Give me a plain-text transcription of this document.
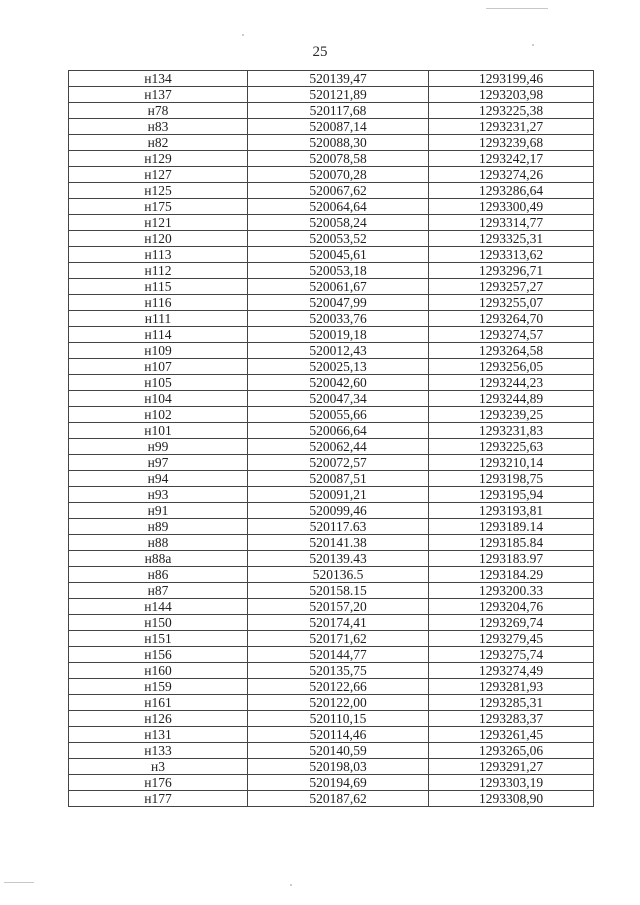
25
н134	520139,47	1293199,46
н137	520121,89	1293203,98
н78	520117,68	1293225,38
н83	520087,14	1293231,27
н82	520088,30	1293239,68
н129	520078,58	1293242,17
н127	520070,28	1293274,26
н125	520067,62	1293286,64
н175	520064,64	1293300,49
н121	520058,24	1293314,77
н120	520053,52	1293325,31
н113	520045,61	1293313,62
н112	520053,18	1293296,71
н115	520061,67	1293257,27
н116	520047,99	1293255,07
н111	520033,76	1293264,70
н114	520019,18	1293274,57
н109	520012,43	1293264,58
н107	520025,13	1293256,05
н105	520042,60	1293244,23
н104	520047,34	1293244,89
н102	520055,66	1293239,25
н101	520066,64	1293231,83
н99	520062,44	1293225,63
н97	520072,57	1293210,14
н94	520087,51	1293198,75
н93	520091,21	1293195,94
н91	520099,46	1293193,81
н89	520117.63	1293189.14
н88	520141.38	1293185.84
н88а	520139.43	1293183.97
н86	520136.5	1293184.29
н87	520158.15	1293200.33
н144	520157,20	1293204,76
н150	520174,41	1293269,74
н151	520171,62	1293279,45
н156	520144,77	1293275,74
н160	520135,75	1293274,49
н159	520122,66	1293281,93
н161	520122,00	1293285,31
н126	520110,15	1293283,37
н131	520114,46	1293261,45
н133	520140,59	1293265,06
н3	520198,03	1293291,27
н176	520194,69	1293303,19
н177	520187,62	1293308,90
